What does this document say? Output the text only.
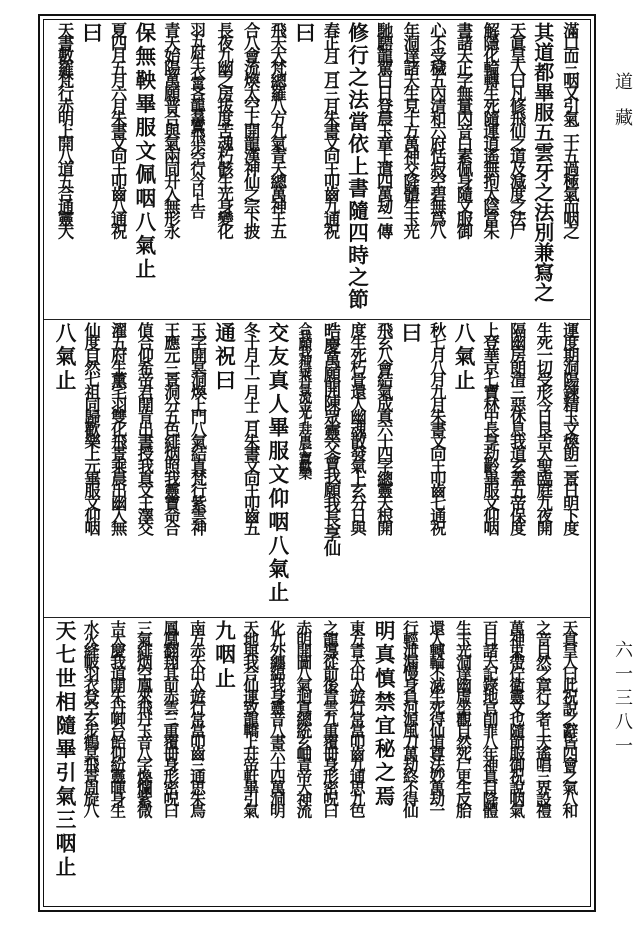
滿口而三咽又引氣二十五過極氣而咽之
其道都畢服五雲牙之法別兼寫之
天眞皇人曰凡修飛仙之道及減度之法尸
解隱化輪轉生死隨運逍遙無拘太陰當朱
書諸天正字無量內音白素佩身隨文服御
心不受穢五內清和六府恬寂空碧無爲八
年洞達諸天生見十方萬神交降體生玉光
馳騁龍駕白日登晨玉童上遣四萬刼一傳
修行之法當依上書隨四時之節
春正月二月三月朱書文向王叩齒九通祝
曰
飛天大梵總羅八方九氣青天總萬神王五
合八會流煥太空上開龍漢神仙之宗下披
長夜九幽之房拔度苦魂朽骸生光身變化
羽五府生衣霄吝龍羣鸞飛歩空行今日上告
青天始陽萬願普合與氣兩同升入無形永
保無鞅畢服文佩咽八氣止
夏四月五月六月朱書文向王叩齒八通祝
曰
天書數羅梵行赤明上開八道五合通靈大
運度期洞陽鍊精玉文煥朗三景日明下度
生死一切受形今日良吉大聖臨庭九夜開
隔幽房朗清三惡休息我道玄蓋五帝保度
上登華京七寶林中長享劫齡畢服文仰咽
八氣止
秋七月八月九月朱書文向王叩齒七通祝
曰
飛玄八會結氣成真六十四字總靈天根開
度生死朽骨還人幽魂散發氣上玄分日與
晧慶萬願開陳眾靈交會我願我長享仙
合我願我神得乘丹景流金光上升帝晨七寶歡樂
交友真人畢服文仰咽八氣止
冬十月十一月十二月朱書文向王叩齒五
通祝曰
玉字開冥洞煥上門八氣結真梵行紫雲神
王應元三景洞分五色緋烟照我靈寶命合
值合仰希帝君開肯出書授我真文王澤交
濯五府生薰宅羽雙化飛景乘晨出幽入無
仙度自然七祖同歸歡樂上元畢服文仰咽
八氣止
天真皇人曰此祝說之辭皆四會之氣八和
之音自然之章行之者上天遙唱三界設禮
萬神束帶佇衛靈文也隨節服御祝說咽氣
百日諸天記錄地官削罪八年神真自降體
生玉光洞達幽虛坐觀自然死尸更生反胎
還人轉輪不滅生死得仙道尊法妙萬劫一
行輕泄漏慢身負河源風刀萬劫終不得仙
明真慎禁宜秘之焉
東方青天出入遊行常當叩齒九通思九色
之龍導從前後青雲九重覆冊身形密呪曰
赤明開圖八氣迴真總統玄岫青帝大神流
化九外纏綿我身靈音八書六十四萬洞明
天地與我合仙運致龍轎上升帝軒畢引氣
九咽止
南方赤天出入遊行常當叩齒三通思朱鳥
鳳凰翻翔其前赤雲三重覆冊身形密呪曰
三氣緋烟空鳳來飛丹玉音八字煥爛紫微
吉大慶我道開朱丹啣台飴仰紛靈暉身生
水火絳帔羽衣登空玄步鶴冥飛景周旋八
天七世相隨畢引氣三咽止
道藏
六一三八一
